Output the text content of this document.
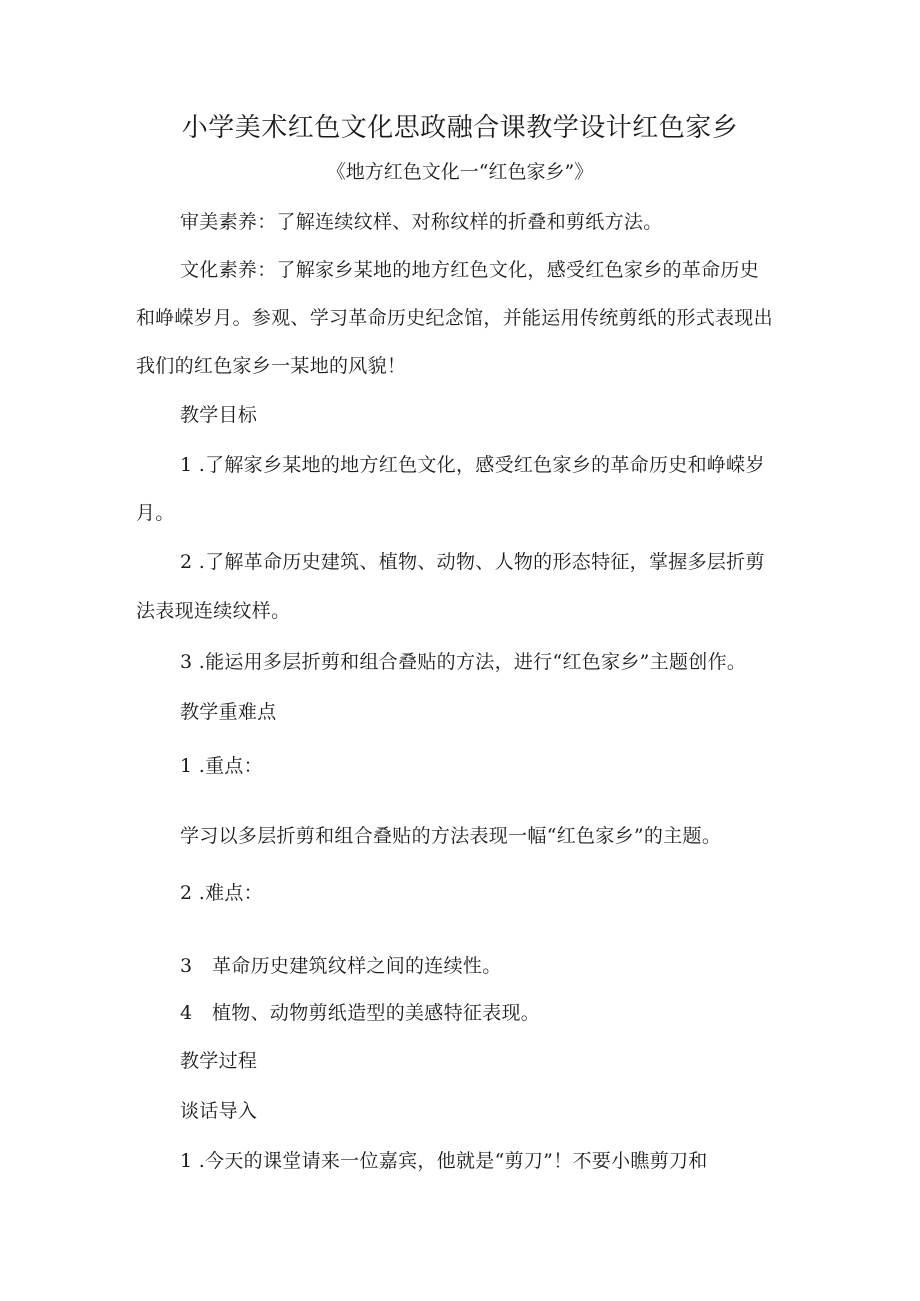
小学美术红色文化思政融合课教学设计红色家乡
《地方红色文化一“红色家乡”》
审美素养：了解连续纹样、对称纹样的折叠和剪纸方法。
文化素养：了解家乡某地的地方红色文化，感受红色家乡的革命历史
和峥嵘岁月。参观、学习革命历史纪念馆，并能运用传统剪纸的形式表现出
我们的红色家乡一某地的风貌！
教学目标
1 .了解家乡某地的地方红色文化，感受红色家乡的革命历史和峥嵘岁
月。
2 .了解革命历史建筑、植物、动物、人物的形态特征，掌握多层折剪
法表现连续纹样。
3 .能运用多层折剪和组合叠贴的方法，进行“红色家乡”主题创作。
教学重难点
1 .重点：
学习以多层折剪和组合叠贴的方法表现一幅“红色家乡”的主题。
2 .难点：
3 革命历史建筑纹样之间的连续性。
4 植物、动物剪纸造型的美感特征表现。
教学过程
谈话导入
1 .今天的课堂请来一位嘉宾，他就是“剪刀”！不要小瞧剪刀和
